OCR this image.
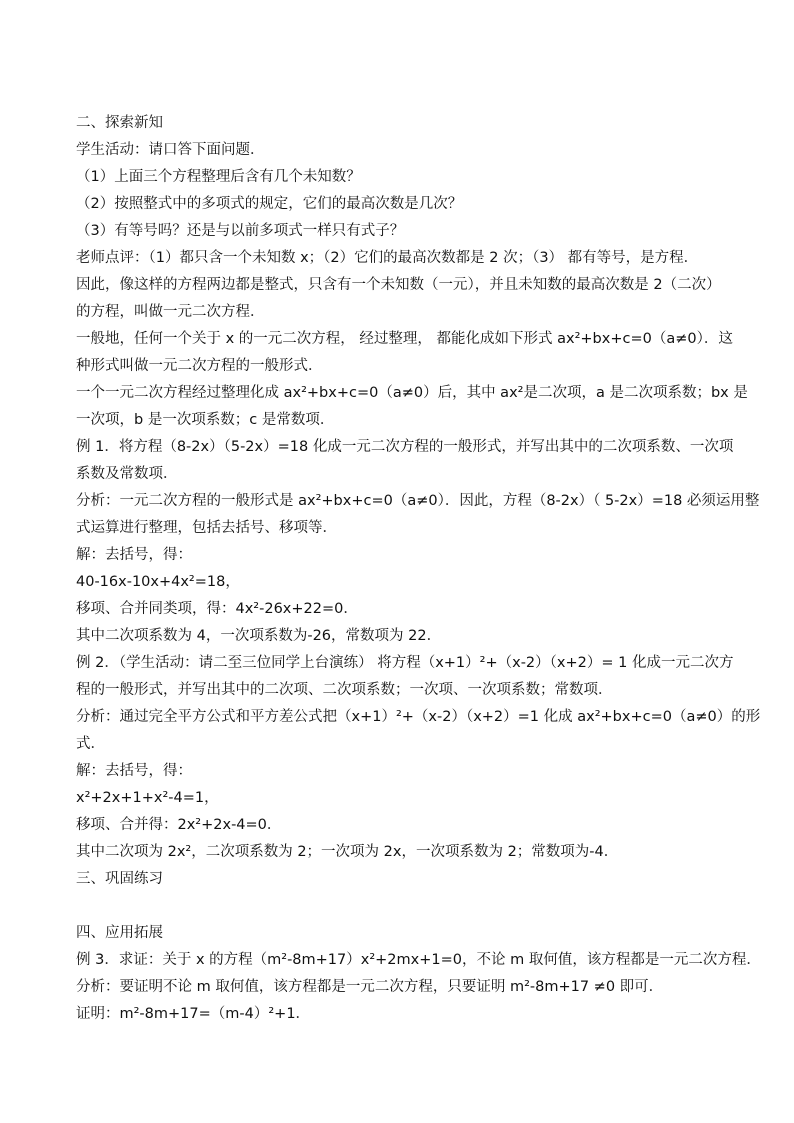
二、探索新知
学生活动：请口答下面问题．
（1）上面三个方程整理后含有几个未知数？
（2）按照整式中的多项式的规定，它们的最高次数是几次？
（3）有等号吗？还是与以前多项式一样只有式子？
老师点评：（1）都只含一个未知数 x；（2）它们的最高次数都是 2 次；（3） 都有等号，是方程．
因此，像这样的方程两边都是整式，只含有一个未知数（一元），并且未知数的最高次数是 2（二次）
的方程，叫做一元二次方程．
一般地，任何一个关于 x 的一元二次方程， 经过整理， 都能化成如下形式 ax²+bx+c=0（a≠0）．这
种形式叫做一元二次方程的一般形式．
一个一元二次方程经过整理化成 ax²+bx+c=0（a≠0）后，其中 ax²是二次项，a 是二次项系数；bx 是
一次项，b 是一次项系数；c 是常数项．
例 1．将方程（8-2x）（5-2x）=18 化成一元二次方程的一般形式，并写出其中的二次项系数、一次项
系数及常数项．
分析：一元二次方程的一般形式是 ax²+bx+c=0（a≠0）．因此，方程（8-2x）（ 5-2x）=18 必须运用整
式运算进行整理，包括去括号、移项等．
解：去括号，得：
40-16x-10x+4x²=18，
移项、合并同类项，得：4x²-26x+22=0．
其中二次项系数为 4，一次项系数为-26，常数项为 22．
例 2．（学生活动：请二至三位同学上台演练） 将方程（x+1）²+（x-2）（x+2）= 1 化成一元二次方
程的一般形式，并写出其中的二次项、二次项系数；一次项、一次项系数；常数项．
分析：通过完全平方公式和平方差公式把（x+1）²+（x-2）（x+2）=1 化成 ax²+bx+c=0（a≠0）的形
式．
解：去括号，得：
x²+2x+1+x²-4=1，
移项、合并得：2x²+2x-4=0．
其中二次项为 2x²，二次项系数为 2；一次项为 2x，一次项系数为 2；常数项为-4．
三、巩固练习
四、应用拓展
例 3．求证：关于 x 的方程（m²-8m+17）x²+2mx+1=0，不论 m 取何值，该方程都是一元二次方程．
分析：要证明不论 m 取何值，该方程都是一元二次方程，只要证明 m²-8m+17 ≠0 即可．
证明：m²-8m+17=（m-4）²+1．
